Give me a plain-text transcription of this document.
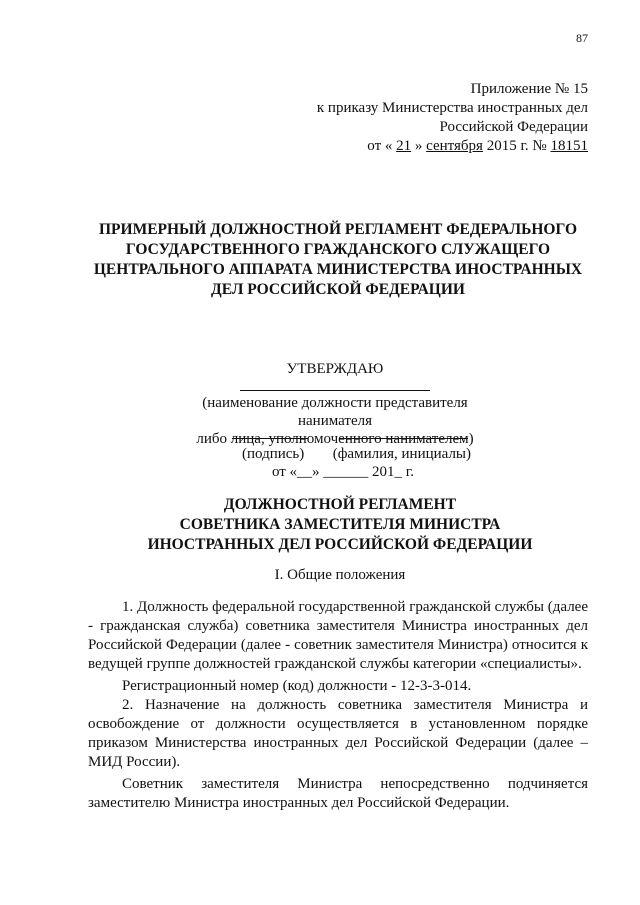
87
Приложение № 15
к приказу Министерства иностранных дел
Российской Федерации
от « 21 » сентября 2015 г. № 18151
ПРИМЕРНЫЙ ДОЛЖНОСТНОЙ РЕГЛАМЕНТ ФЕДЕРАЛЬНОГО
ГОСУДАРСТВЕННОГО ГРАЖДАНСКОГО СЛУЖАЩЕГО
ЦЕНТРАЛЬНОГО АППАРАТА МИНИСТЕРСТВА ИНОСТРАННЫХ
ДЕЛ РОССИЙСКОЙ ФЕДЕРАЦИИ
УТВЕРЖДАЮ
(наименование должности представителя нанимателя
либо лица, уполномоченного нанимателем)
(подпись) (фамилия, инициалы)
от «__» ______ 201_ г.
ДОЛЖНОСТНОЙ РЕГЛАМЕНТ
СОВЕТНИКА ЗАМЕСТИТЕЛЯ МИНИСТРА
ИНОСТРАННЫХ ДЕЛ РОССИЙСКОЙ ФЕДЕРАЦИИ
I. Общие положения

1. Должность федеральной государственной гражданской службы (далее - гражданская служба) советника заместителя Министра иностранных дел Российской Федерации (далее - советник заместителя Министра) относится к ведущей группе должностей гражданской службы категории «специалисты».

Регистрационный номер (код) должности - 12-3-3-014.

2. Назначение на должность советника заместителя Министра и освобождение от должности осуществляется в установленном порядке приказом Министерства иностранных дел Российской Федерации (далее – МИД России).

Советник заместителя Министра непосредственно подчиняется заместителю Министра иностранных дел Российской Федерации.
